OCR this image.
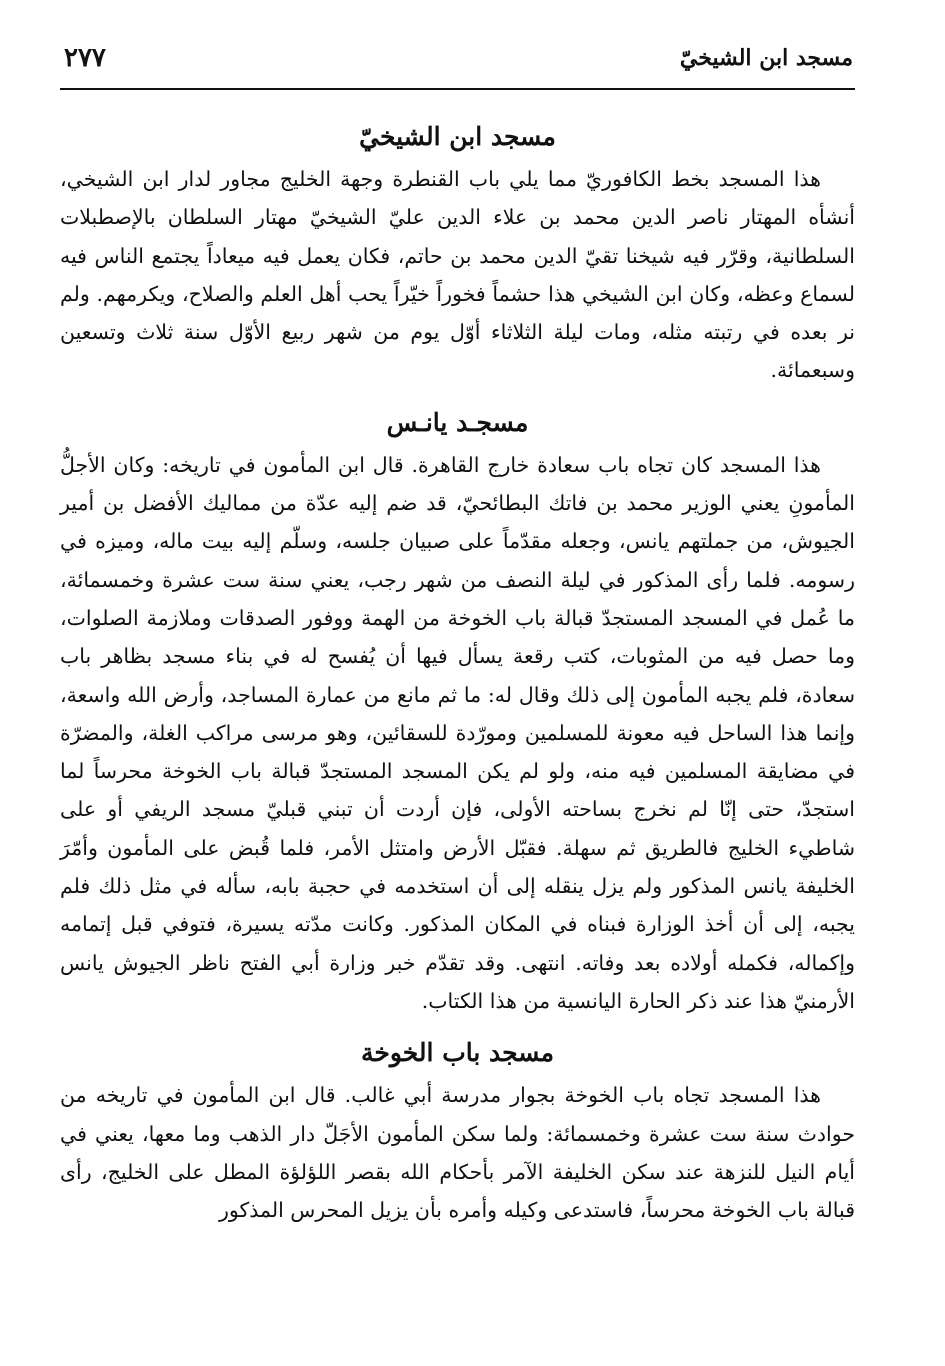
مسجد ابن الشيخيّ
٢٧٧
مسجد ابن الشيخيّ

هذا المسجد بخط الكافوريّ مما يلي باب القنطرة وجهة الخليج مجاور لدار ابن الشيخي، أنشأه المهتار ناصر الدين محمد بن علاء الدين عليّ الشيخيّ مهتار السلطان بالإصطبلات السلطانية، وقرّر فيه شيخنا تقيّ الدين محمد بن حاتم، فكان يعمل فيه ميعاداً يجتمع الناس فيه لسماع وعظه، وكان ابن الشيخي هذا حشماً فخوراً خيّراً يحب أهل العلم والصلاح، ويكرمهم. ولم نر بعده في رتبته مثله، ومات ليلة الثلاثاء أوّل يوم من شهر ربيع الأوّل سنة ثلاث وتسعين وسبعمائة.

مسجـد يانـس

هذا المسجد كان تجاه باب سعادة خارج القاهرة. قال ابن المأمون في تاريخه: وكان الأجلُّ المأمونِ يعني الوزير محمد بن فاتك البطائحيّ، قد ضم إليه عدّة من مماليك الأفضل بن أمير الجيوش، من جملتهم يانس، وجعله مقدّماً على صبيان جلسه، وسلّم إليه بيت ماله، وميزه في رسومه. فلما رأى المذكور في ليلة النصف من شهر رجب، يعني سنة ست عشرة وخمسمائة، ما عُمل في المسجد المستجدّ قبالة باب الخوخة من الهمة ووفور الصدقات وملازمة الصلوات، وما حصل فيه من المثوبات، كتب رقعة يسأل فيها أن يُفسح له في بناء مسجد بظاهر باب سعادة، فلم يجبه المأمون إلى ذلك وقال له: ما ثم مانع من عمارة المساجد، وأرض الله واسعة، وإنما هذا الساحل فيه معونة للمسلمين ومورّدة للسقائين، وهو مرسى مراكب الغلة، والمضرّة في مضايقة المسلمين فيه منه، ولو لم يكن المسجد المستجدّ قبالة باب الخوخة محرساً لما استجدّ، حتى إنّا لم نخرج بساحته الأولى، فإن أردت أن تبني قبليّ مسجد الريفي أو على شاطيء الخليج فالطريق ثم سهلة. فقبّل الأرض وامتثل الأمر، فلما قُبض على المأمون وأمّرَ الخليفة يانس المذكور ولم يزل ينقله إلى أن استخدمه في حجبة بابه، سأله في مثل ذلك فلم يجبه، إلى أن أخذ الوزارة فبناه في المكان المذكور. وكانت مدّته يسيرة، فتوفي قبل إتمامه وإكماله، فكمله أولاده بعد وفاته. انتهى. وقد تقدّم خبر وزارة أبي الفتح ناظر الجيوش يانس الأرمنيّ هذا عند ذكر الحارة اليانسية من هذا الكتاب.

مسجد باب الخوخة

هذا المسجد تجاه باب الخوخة بجوار مدرسة أبي غالب. قال ابن المأمون في تاريخه من حوادث سنة ست عشرة وخمسمائة: ولما سكن المأمون الأجَلّ دار الذهب وما معها، يعني في أيام النيل للنزهة عند سكن الخليفة الآمر بأحكام الله بقصر اللؤلؤة المطل على الخليج، رأى قبالة باب الخوخة محرساً، فاستدعى وكيله وأمره بأن يزيل المحرس المذكور
